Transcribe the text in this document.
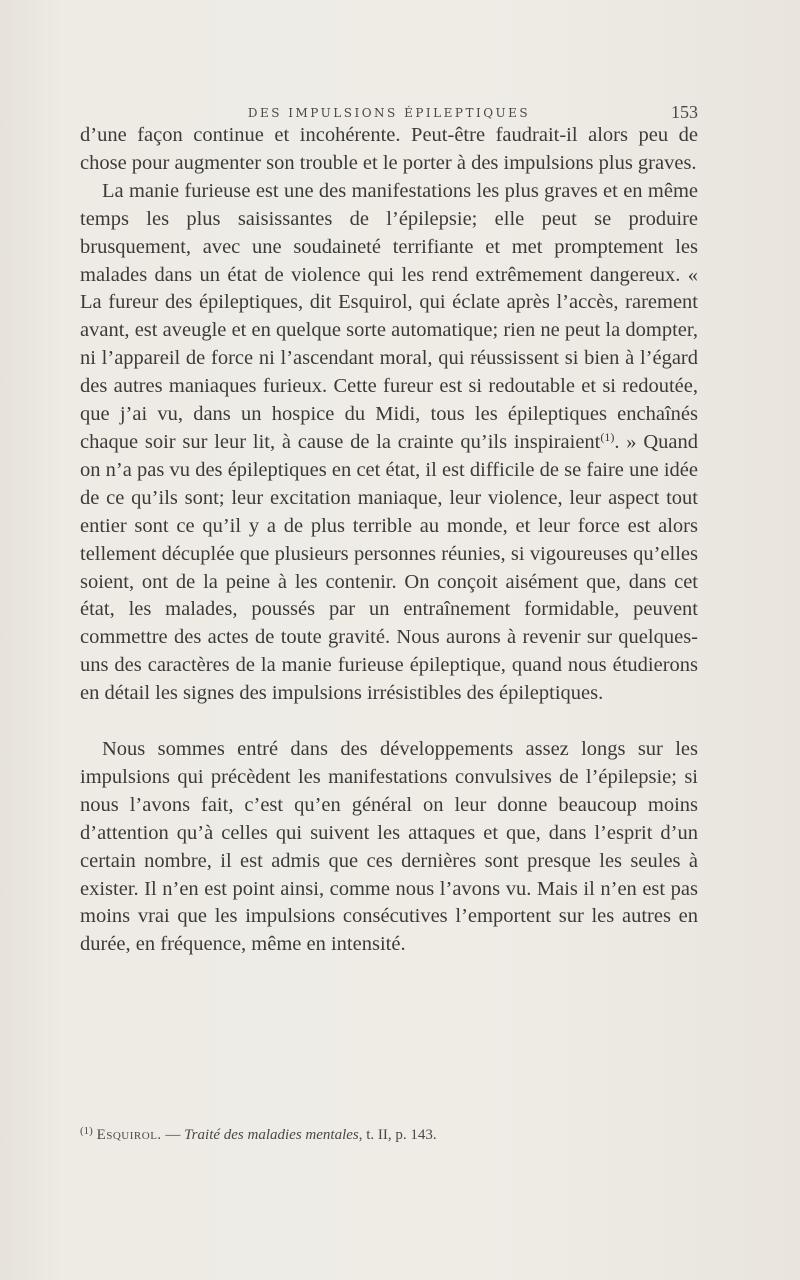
DES IMPULSIONS ÉPILEPTIQUES	153

d’une façon continue et incohérente. Peut-être faudrait-il alors peu de chose pour augmenter son trouble et le porter à des impulsions plus graves.

La manie furieuse est une des manifestations les plus graves et en même temps les plus saisissantes de l’épilepsie; elle peut se produire brusquement, avec une soudaineté terrifiante et met promptement les malades dans un état de violence qui les rend extrêmement dangereux. « La fureur des épileptiques, dit Esquirol, qui éclate après l’accès, rarement avant, est aveugle et en quelque sorte automatique; rien ne peut la dompter, ni l’appareil de force ni l’ascendant moral, qui réussissent si bien à l’égard des autres maniaques furieux. Cette fureur est si redoutable et si redoutée, que j’ai vu, dans un hospice du Midi, tous les épileptiques enchaînés chaque soir sur leur lit, à cause de la crainte qu’ils inspiraient$^{(1)}$. » Quand on n’a pas vu des épileptiques en cet état, il est difficile de se faire une idée de ce qu’ils sont; leur excitation maniaque, leur violence, leur aspect tout entier sont ce qu’il y a de plus terrible au monde, et leur force est alors tellement décuplée que plusieurs personnes réunies, si vigoureuses qu’elles soient, ont de la peine à les contenir. On conçoit aisément que, dans cet état, les malades, poussés par un entraînement formidable, peuvent commettre des actes de toute gravité. Nous aurons à revenir sur quelques-uns des caractères de la manie furieuse épileptique, quand nous étudierons en détail les signes des impulsions irrésistibles des épileptiques.

Nous sommes entré dans des développements assez longs sur les impulsions qui précèdent les manifestations convulsives de l’épilepsie; si nous l’avons fait, c’est qu’en général on leur donne beaucoup moins d’attention qu’à celles qui suivent les attaques et que, dans l’esprit d’un certain nombre, il est admis que ces dernières sont presque les seules à exister. Il n’en est point ainsi, comme nous l’avons vu. Mais il n’en est pas moins vrai que les impulsions consécutives l’emportent sur les autres en durée, en fréquence, même en intensité.

$^{(1)}$ Esquirol. — Traité des maladies mentales, t. II, p. 143.
